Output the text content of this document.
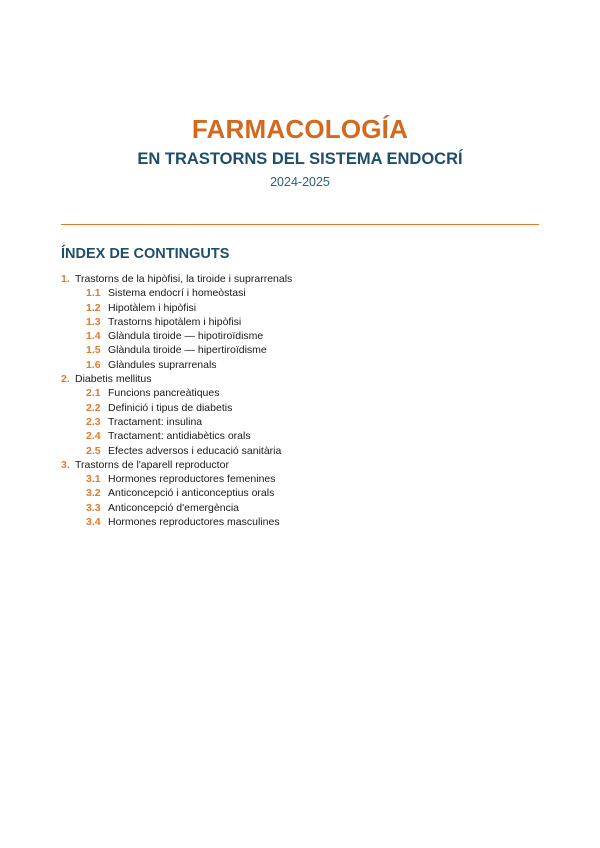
FARMACOLOGÍA
EN TRASTORNS DEL SISTEMA ENDOCRÍ
2024-2025
ÍNDEX DE CONTINGUTS
1. Trastorns de la hipòfisi, la tiroide i suprarrenals
1.1 Sistema endocrí i homeòstasi
1.2 Hipotàlem i hipòfisi
1.3 Trastorns hipotàlem i hipòfisi
1.4 Glàndula tiroide — hipotiroïdisme
1.5 Glàndula tiroide — hipertiroïdisme
1.6 Glàndules suprarrenals
2. Diabetis mellitus
2.1 Funcions pancreàtiques
2.2 Definició i tipus de diabetis
2.3 Tractament: insulina
2.4 Tractament: antidiabètics orals
2.5 Efectes adversos i educació sanitària
3. Trastorns de l'aparell reproductor
3.1 Hormones reproductores femenines
3.2 Anticoncepció i anticonceptius orals
3.3 Anticoncepció d'emergència
3.4 Hormones reproductores masculines
